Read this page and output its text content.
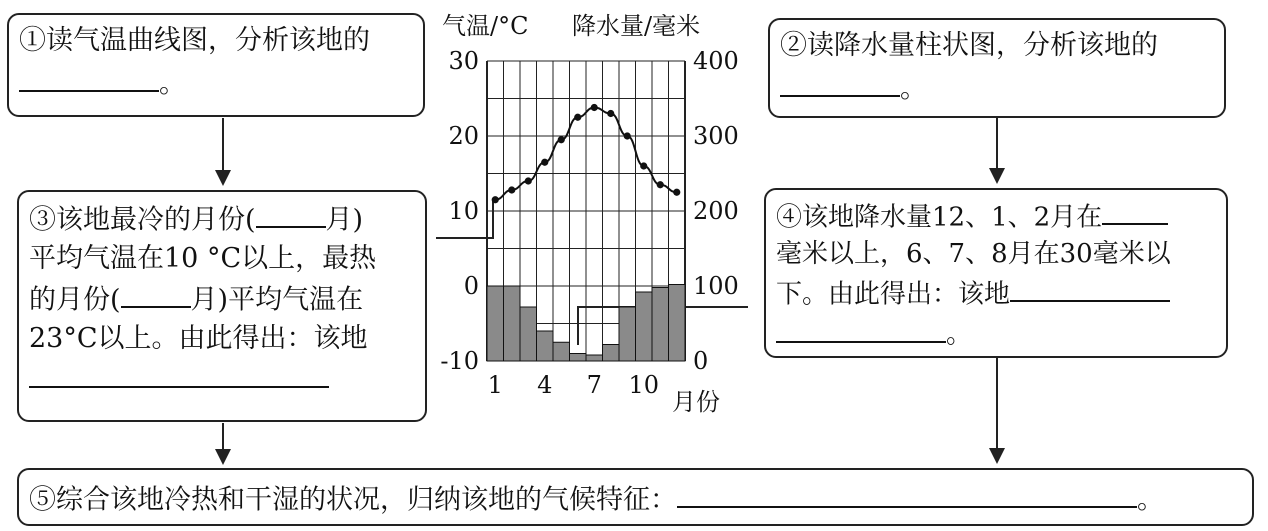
①读气温曲线图，分析该地的
。
②读降水量柱状图，分析该地的
。
③该地最冷的月份(	月)
平均气温在10 °C以上，最热
的月份(	月)平均气温在
23°C以上。由此得出：该地
④该地降水量12、1、2月在
毫米以上，6、7、8月在30毫米以
下。由此得出：该地
。
⑤综合该地冷热和干湿的状况，归纳该地的气候特征：	。
气温/°C 降水量/毫米
月份
30
20
10
0
-10
400
300
200
100
0
1 4 7 10
